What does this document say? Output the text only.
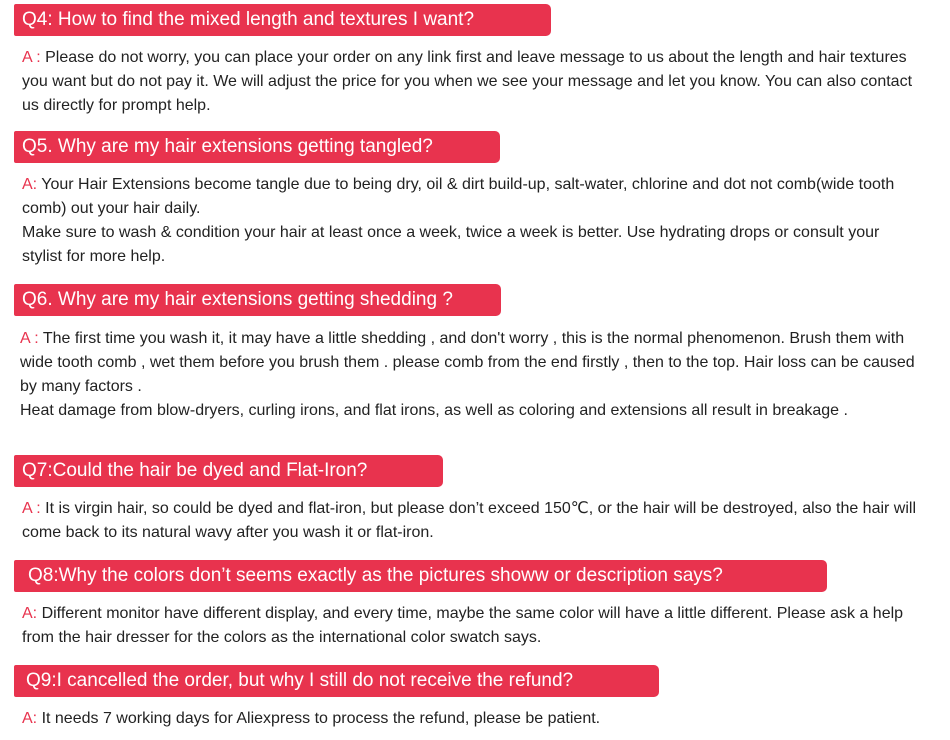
Q4: How to find the mixed length and textures I want?

A : Please do not worry, you can place your order on any link first and leave message to us about the length and hair textures you want but do not pay it. We will adjust the price for you when we see your message and let you know. You can also contact us directly for prompt help.

Q5. Why are my hair extensions getting tangled?

A: Your Hair Extensions become tangle due to being dry, oil & dirt build-up, salt-water, chlorine and dot not comb(wide tooth comb) out your hair daily.

Make sure to wash & condition your hair at least once a week, twice a week is better. Use hydrating drops or consult your stylist for more help.

Q6. Why are my hair extensions getting shedding ?

A : The first time you wash it, it may have a little shedding , and don't worry , this is the normal phenomenon. Brush them with wide tooth comb , wet them before you brush them . please comb from the end firstly , then to the top. Hair loss can be caused by many factors .

Heat damage from blow-dryers, curling irons, and flat irons, as well as coloring and extensions all result in breakage .

Q7:Could the hair be dyed and Flat-Iron?

A : It is virgin hair, so could be dyed and flat-iron, but please don’t exceed 150℃, or the hair will be destroyed, also the hair will come back to its natural wavy after you wash it or flat-iron.

Q8:Why the colors don’t seems exactly as the pictures showw or description says?

A: Different monitor have different display, and every time, maybe the same color will have a little different. Please ask a help from the hair dresser for the colors as the international color swatch says.

Q9:I cancelled the order, but why I still do not receive the refund?

A: It needs 7 working days for Aliexpress to process the refund, please be patient.
